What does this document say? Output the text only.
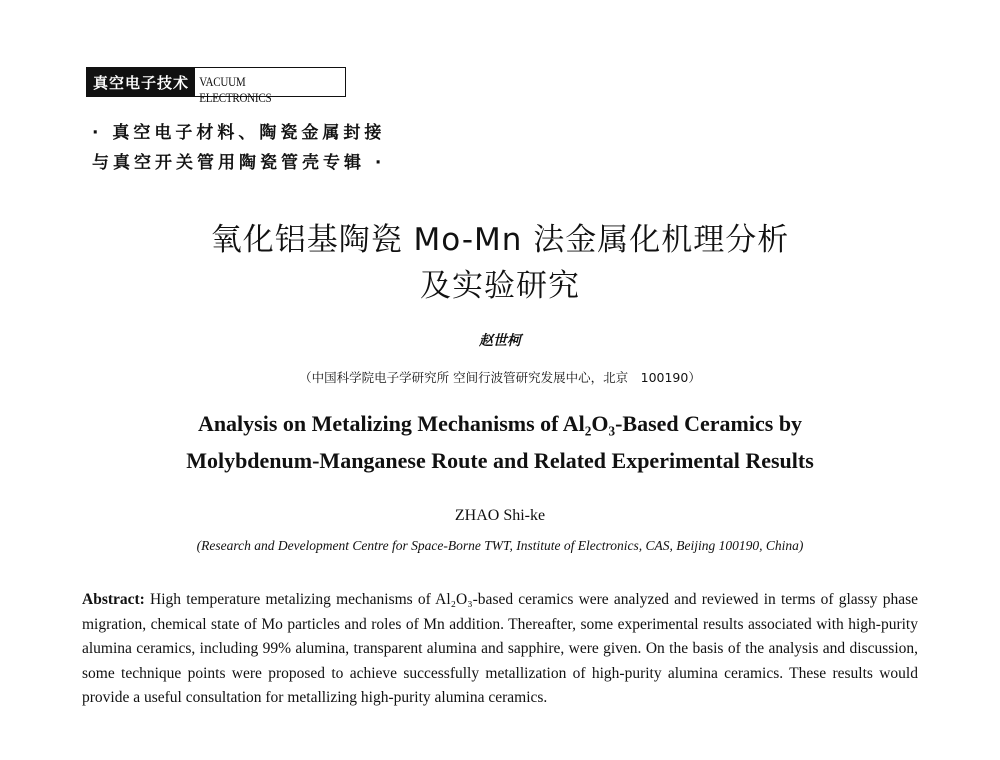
真空电子技术 VACUUM ELECTRONICS
· 真空电子材料、陶瓷金属封接
与真空开关管用陶瓷管壳专辑 ·
氧化铝基陶瓷 Mo-Mn 法金属化机理分析
及实验研究
赵世柯
（中国科学院电子学研究所 空间行波管研究发展中心，北京　100190）
Analysis on Metalizing Mechanisms of Al₂O₃-Based Ceramics by
Molybdenum-Manganese Route and Related Experimental Results
ZHAO Shi-ke
(Research and Development Centre for Space-Borne TWT, Institute of Electronics, CAS, Beijing 100190, China)
Abstract: High temperature metalizing mechanisms of Al₂O₃-based ceramics were analyzed and reviewed in terms of glassy phase migration, chemical state of Mo particles and roles of Mn addition. Thereafter, some experimental results associated with high-purity alumina ceramics, including 99% alumina, transparent alumina and sapphire, were given. On the basis of the analysis and discussion, some technique points were proposed to achieve successfully metallization of high-purity alumina ceramics. These results would provide a useful consultation for metallizing high-purity alumina ceramics.
